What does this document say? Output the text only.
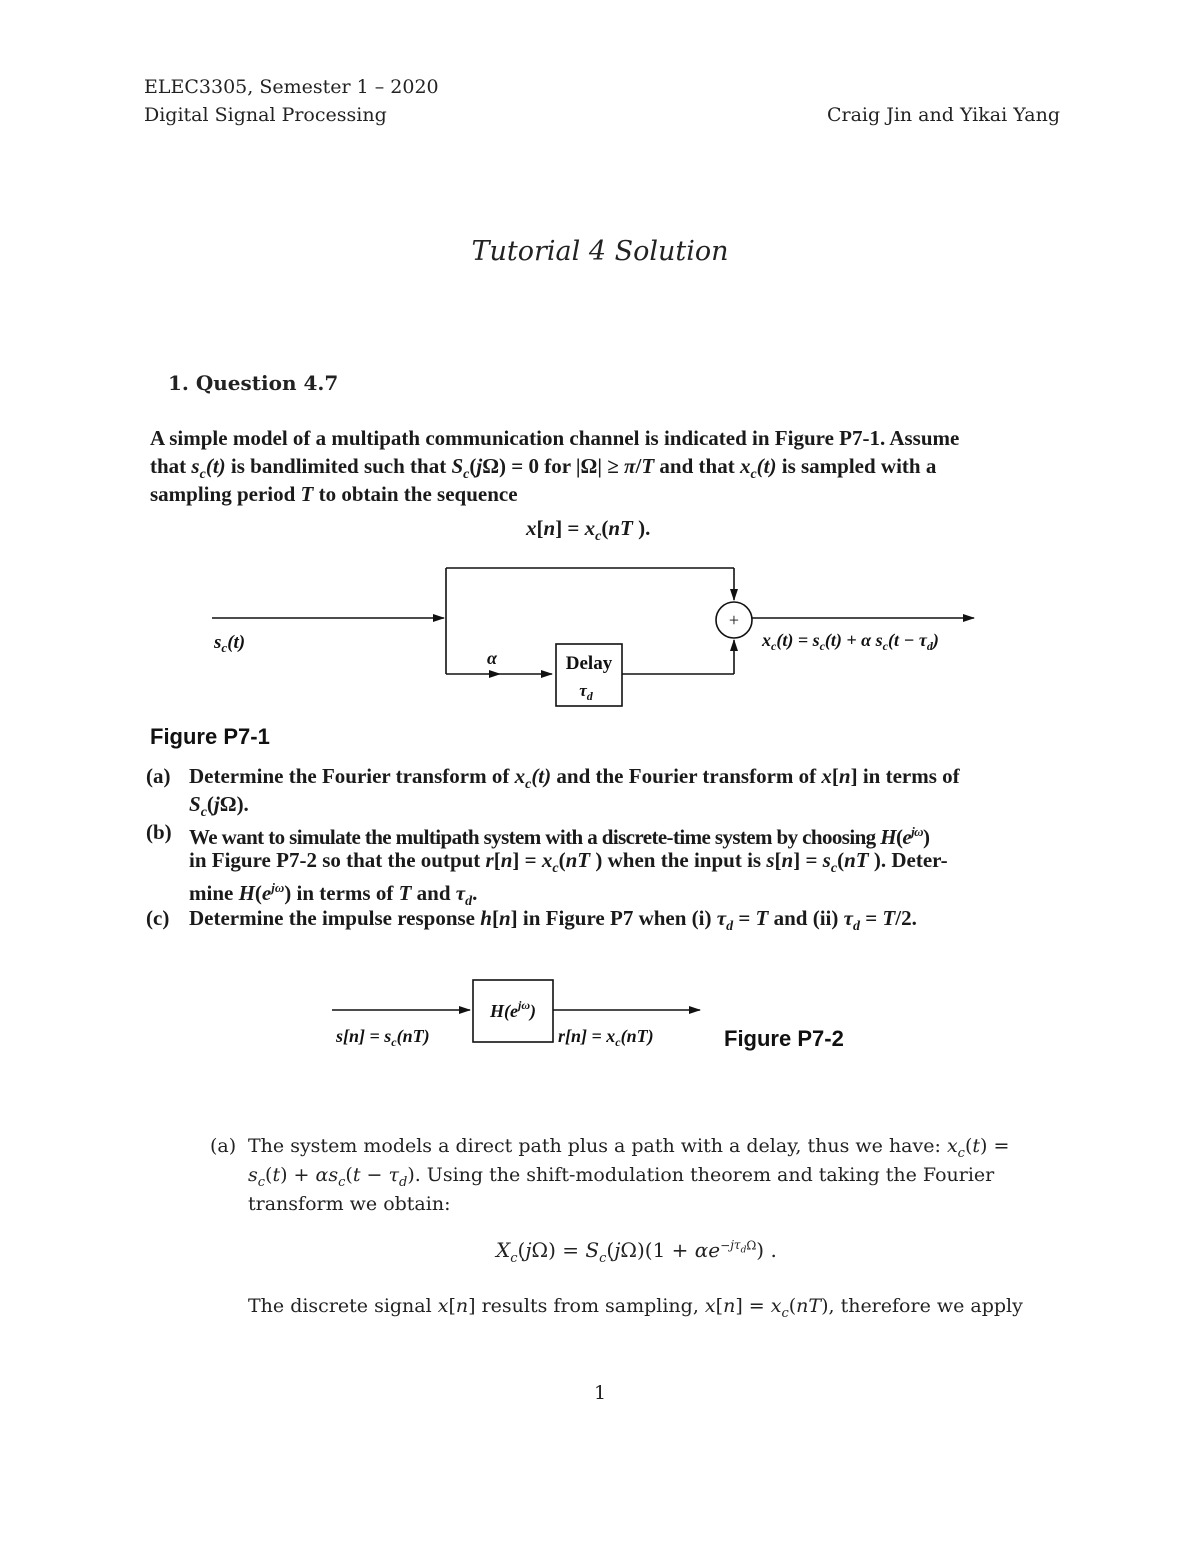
ELEC3305, Semester 1 – 2020
Digital Signal Processing	Craig Jin and Yikai Yang
Tutorial 4 Solution
1. Question 4.7
A simple model of a multipath communication channel is indicated in Figure P7-1. Assume
that $s_c(t)$ is bandlimited such that $S_c(j\Omega) = 0$ for |Ω| ≥ π/T and that $x_c(t)$ is sampled with a
sampling period T to obtain the sequence
$x[n] = x_c(nT$ ).
+
$s_c(t)$
α	Delay
$\tau_d$
$x_c(t) = s_c(t) + \alpha$ $s_c(t - \tau_d)$
Figure P7-1
(a) Determine the Fourier transform of $x_c(t)$ and the Fourier transform of x[n] in terms of
$S_c(j\Omega)$.
(b) We want to simulate the multipath system with a discrete-time system by choosing $H(e^{j\omega})$
in Figure P7-2 so that the output $r[n] = x_c(nT$ ) when the input is $s[n] = s_c(nT$ ). Deter-
mine $H(e^{j\omega})$ in terms of T and $\tau_d$.
(c) Determine the impulse response h[n] in Figure P7 when (i) $\tau_d = T$ and (ii) $\tau_d = T/2$.
$H(e^{j\omega})$
$s[n] = s_c(nT)$	$r[n] = x_c(nT)$	Figure P7-2
(a) The system models a direct path plus a path with a delay, thus we have: $x_c(t)$ =
$s_c(t) + \alpha s_c(t - \tau_d)$. Using the shift-modulation theorem and taking the Fourier
transform we obtain:
$X_c(j\Omega) = S_c(j\Omega)(1 + \alpha e^{-j\tau_d\Omega})$ .
The discrete signal x[n] results from sampling, $x[n] = x_c(nT)$, therefore we apply
1
